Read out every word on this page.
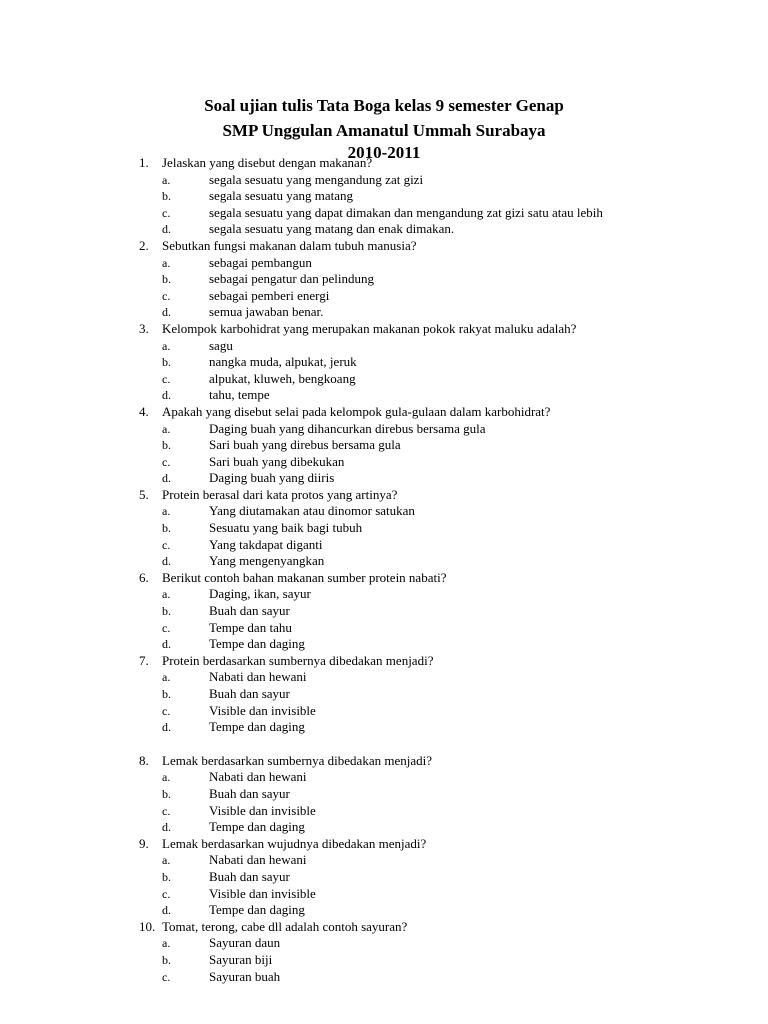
Soal ujian tulis Tata Boga kelas 9 semester Genap
SMP Unggulan Amanatul Ummah Surabaya
2010-2011
1. Jelaskan yang disebut dengan makanan?
a.	segala sesuatu yang mengandung zat gizi
b.	segala sesuatu yang matang
c.	segala sesuatu yang dapat dimakan dan mengandung zat gizi satu atau lebih
d.	segala sesuatu yang matang dan enak dimakan.
2. Sebutkan fungsi makanan dalam tubuh manusia?
a.	sebagai pembangun
b.	sebagai pengatur dan pelindung
c.	sebagai pemberi energi
d.	semua jawaban benar.
3. Kelompok karbohidrat yang merupakan makanan pokok rakyat maluku adalah?
a.	sagu
b.	nangka muda, alpukat, jeruk
c.	alpukat, kluweh, bengkoang
d.	tahu, tempe
4. Apakah yang disebut selai pada kelompok gula-gulaan dalam karbohidrat?
a.	Daging buah yang dihancurkan direbus bersama gula
b.	Sari buah yang direbus bersama gula
c.	Sari buah yang dibekukan
d.	Daging buah yang diiris
5. Protein berasal dari kata protos yang artinya?
a.	Yang diutamakan atau dinomor satukan
b.	Sesuatu yang baik bagi tubuh
c.	Yang takdapat diganti
d.	Yang mengenyangkan
6. Berikut contoh bahan makanan sumber protein nabati?
a.	Daging, ikan, sayur
b.	Buah dan sayur
c.	Tempe dan tahu
d.	Tempe dan daging
7. Protein berdasarkan sumbernya dibedakan menjadi?
a.	Nabati dan hewani
b.	Buah dan sayur
c.	Visible dan invisible
d.	Tempe dan daging
8. Lemak berdasarkan sumbernya dibedakan menjadi?
a.	Nabati dan hewani
b.	Buah dan sayur
c.	Visible dan invisible
d.	Tempe dan daging
9. Lemak berdasarkan wujudnya dibedakan menjadi?
a.	Nabati dan hewani
b.	Buah dan sayur
c.	Visible dan invisible
d.	Tempe dan daging
10. Tomat, terong, cabe dll adalah contoh sayuran?
a.	Sayuran daun
b.	Sayuran biji
c.	Sayuran buah
